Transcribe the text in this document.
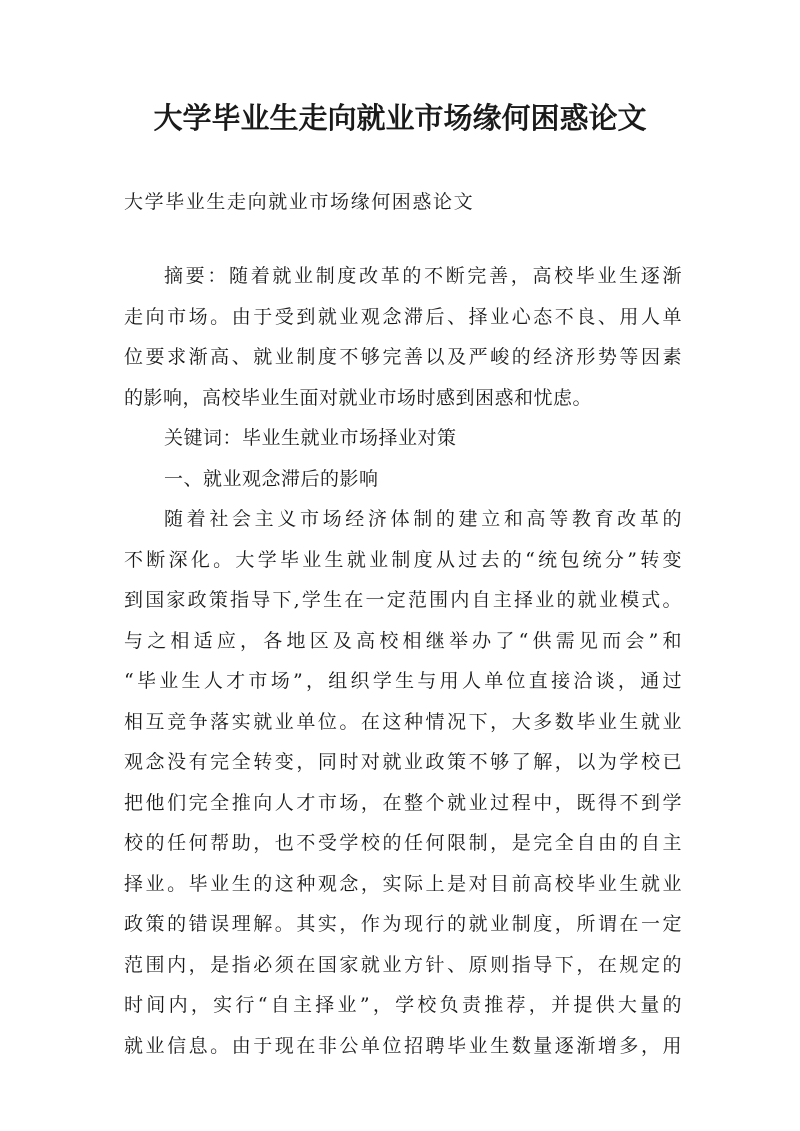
大学毕业生走向就业市场缘何困惑论文
大学毕业生走向就业市场缘何困惑论文
摘要：随着就业制度改革的不断完善，高校毕业生逐渐
走向市场。由于受到就业观念滞后、择业心态不良、用人单
位要求渐高、就业制度不够完善以及严峻的经济形势等因素
的影响，高校毕业生面对就业市场时感到困惑和忧虑。
关键词：毕业生就业市场择业对策
一、就业观念滞后的影响
随着社会主义市场经济体制的建立和高等教育改革的
不断深化。大学毕业生就业制度从过去的“统包统分”转变
到国家政策指导下,学生在一定范围内自主择业的就业模式。
与之相适应，各地区及高校相继举办了“供需见而会”和
“毕业生人才市场”，组织学生与用人单位直接洽谈，通过
相互竞争落实就业单位。在这种情况下，大多数毕业生就业
观念没有完全转变，同时对就业政策不够了解，以为学校已
把他们完全推向人才市场，在整个就业过程中，既得不到学
校的任何帮助，也不受学校的任何限制，是完全自由的自主
择业。毕业生的这种观念，实际上是对目前高校毕业生就业
政策的错误理解。其实，作为现行的就业制度，所谓在一定
范围内，是指必须在国家就业方针、原则指导下，在规定的
时间内，实行“自主择业”，学校负责推荐，并提供大量的
就业信息。由于现在非公单位招聘毕业生数量逐渐增多，用
